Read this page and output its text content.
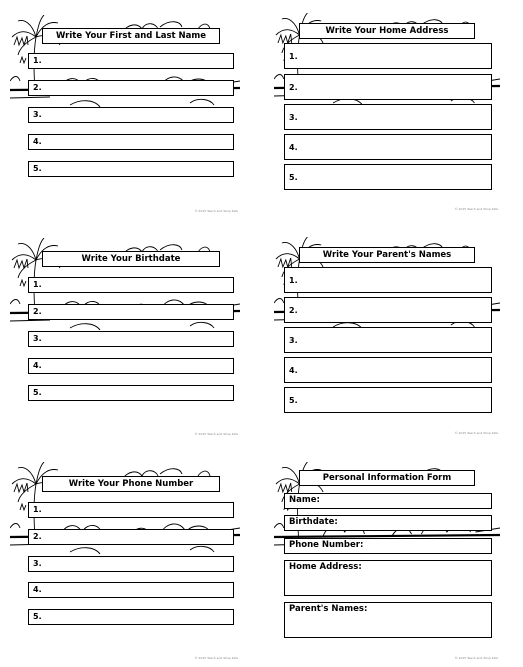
Write Your First and Last Name
1.
2.
3.
4.
5.
© 2015 Teach and Shop Kids
Write Your Home Address
1.
2.
3.
4.
5.
© 2015 Teach and Shop Kids
Write Your Birthdate
1.
2.
3.
4.
5.
© 2015 Teach and Shop Kids
Write Your Parent's Names
1.
2.
3.
4.
5.
© 2015 Teach and Shop Kids
Write Your Phone Number
1.
2.
3.
4.
5.
© 2015 Teach and Shop Kids
Personal Information Form
Name:
Birthdate:
Phone Number:
Home Address:
Parent's Names:
© 2015 Teach and Shop Kids
